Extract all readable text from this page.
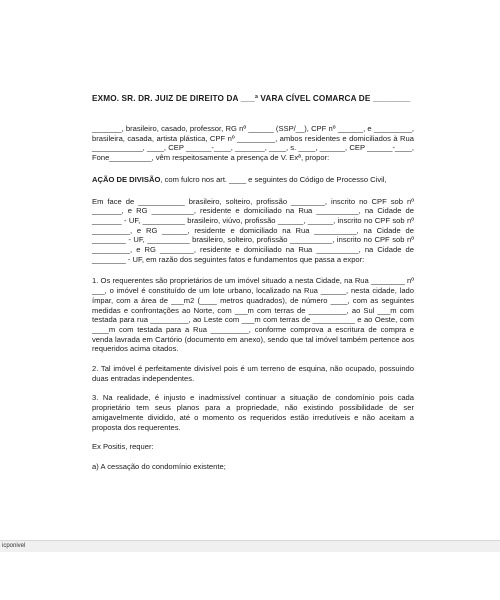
EXMO. SR. DR. JUIZ DE DIREITO DA ___ª VARA CÍVEL COMARCA DE ________

_______, brasileiro, casado, professor, RG nº ______ (SSP/__), CPF nº ______, e _________, brasileira, casada, artista plástica, CPF nº _________, ambos residentes e domiciliados à Rua ____________, ____, CEP ______-____, _______, ____, s. ____, ______, CEP ______-____, Fone__________, vêm respeitosamente a presença de V. Exª, propor:

AÇÃO DE DIVISÃO, com fulcro nos art. ____ e seguintes do Código de Processo Civil,

Em face de ___________ brasileiro, solteiro, profissão ________, inscrito no CPF sob nº _______, e RG __________, residente e domiciliado na Rua __________, na Cidade de _______ - UF, __________ brasileiro, viúvo, profissão ______, ______, inscrito no CPF sob nº _________, e RG ______, residente e domiciliado na Rua __________, na Cidade de ________ - UF, __________ brasileiro, solteiro, profissão __________, inscrito no CPF sob nº _________, e RG ________, residente e domiciliado na Rua __________, na Cidade de ________ - UF, em razão dos seguintes fatos e fundamentos que passa a expor:

1. Os requerentes são proprietários de um imóvel situado a nesta Cidade, na Rua ________ nº ___, o imóvel é constituído de um lote urbano, localizado na Rua ______, nesta cidade, lado ímpar, com a área de ___m2 (____ metros quadrados), de número ____, com as seguintes medidas e confrontações ao Norte, com ___m com terras de _________, ao Sul ___m com testada para rua _________, ao Leste com ___m com terras de __________ e ao Oeste, com ____m com testada para a Rua _________, conforme comprova a escritura de compra e venda lavrada em Cartório (documento em anexo), sendo que tal imóvel também pertence aos requeridos acima citados.

2. Tal imóvel é perfeitamente divisível pois é um terreno de esquina, não ocupado, possuindo duas entradas independentes.

3. Na realidade, é injusto e inadmissível continuar a situação de condomínio pois cada proprietário tem seus planos para a propriedade, não existindo possibilidade de ser amigavelmente dividido, até o momento os requeridos estão irredutíveis e não aceitam a proposta dos requerentes.

Ex Positis, requer:

a) A cessação do condomínio existente;

icponivel
